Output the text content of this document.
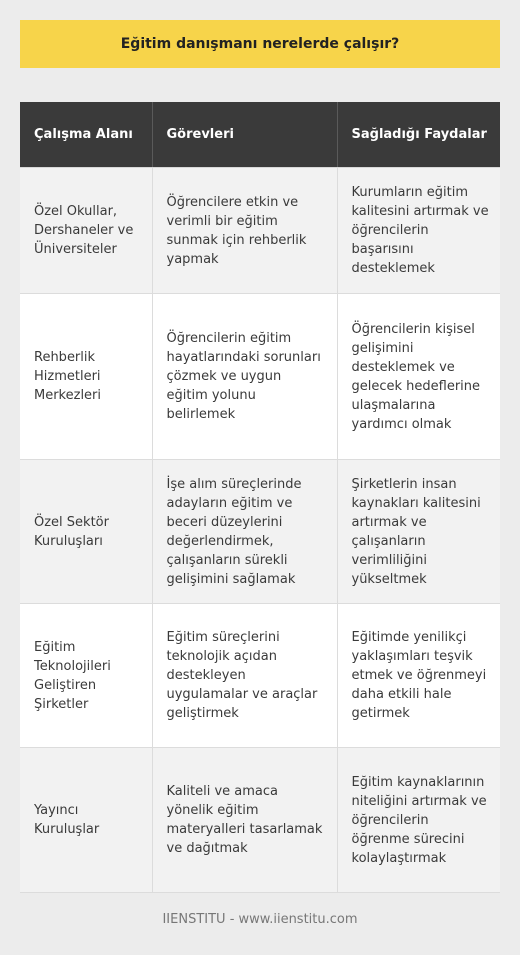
Eğitim danışmanı nerelerde çalışır?
Çalışma Alanı	Görevleri	Sağladığı Faydalar
Özel Okullar, Dershaneler ve Üniversiteler	Öğrencilere etkin ve verimli bir eğitim sunmak için rehberlik yapmak	Kurumların eğitim kalitesini artırmak ve öğrencilerin başarısını desteklemek
Rehberlik Hizmetleri Merkezleri	Öğrencilerin eğitim hayatlarındaki sorunları çözmek ve uygun eğitim yolunu belirlemek	Öğrencilerin kişisel gelişimini desteklemek ve gelecek hedeflerine ulaşmalarına yardımcı olmak
Özel Sektör Kuruluşları	İşe alım süreçlerinde adayların eğitim ve beceri düzeylerini değerlendirmek, çalışanların sürekli gelişimini sağlamak	Şirketlerin insan kaynakları kalitesini artırmak ve çalışanların verimliliğini yükseltmek
Eğitim Teknolojileri Geliştiren Şirketler	Eğitim süreçlerini teknolojik açıdan destekleyen uygulamalar ve araçlar geliştirmek	Eğitimde yenilikçi yaklaşımları teşvik etmek ve öğrenmeyi daha etkili hale getirmek
Yayıncı Kuruluşlar	Kaliteli ve amaca yönelik eğitim materyalleri tasarlamak ve dağıtmak	Eğitim kaynaklarının niteliğini artırmak ve öğrencilerin öğrenme sürecini kolaylaştırmak
IIENSTITU - www.iienstitu.com
